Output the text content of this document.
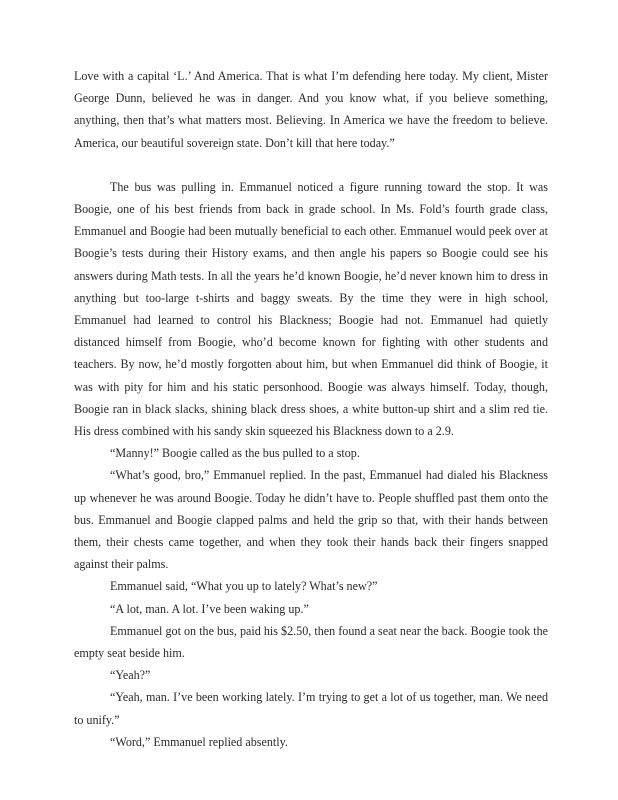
Love with a capital ‘L.’ And America. That is what I’m defending here today. My client, Mister George Dunn, believed he was in danger. And you know what, if you believe something, anything, then that’s what matters most. Believing. In America we have the freedom to believe. America, our beautiful sovereign state. Don’t kill that here today.”

The bus was pulling in. Emmanuel noticed a figure running toward the stop. It was Boogie, one of his best friends from back in grade school. In Ms. Fold’s fourth grade class, Emmanuel and Boogie had been mutually beneficial to each other. Emmanuel would peek over at Boogie’s tests during their History exams, and then angle his papers so Boogie could see his answers during Math tests. In all the years he’d known Boogie, he’d never known him to dress in anything but too-large t-shirts and baggy sweats. By the time they were in high school, Emmanuel had learned to control his Blackness; Boogie had not. Emmanuel had quietly distanced himself from Boogie, who’d become known for fighting with other students and teachers. By now, he’d mostly forgotten about him, but when Emmanuel did think of Boogie, it was with pity for him and his static personhood. Boogie was always himself. Today, though, Boogie ran in black slacks, shining black dress shoes, a white button-up shirt and a slim red tie. His dress combined with his sandy skin squeezed his Blackness down to a 2.9.

“Manny!” Boogie called as the bus pulled to a stop.

“What’s good, bro,” Emmanuel replied. In the past, Emmanuel had dialed his Blackness up whenever he was around Boogie. Today he didn’t have to. People shuffled past them onto the bus. Emmanuel and Boogie clapped palms and held the grip so that, with their hands between them, their chests came together, and when they took their hands back their fingers snapped against their palms.

Emmanuel said, “What you up to lately? What’s new?”

“A lot, man. A lot. I’ve been waking up.”

Emmanuel got on the bus, paid his $2.50, then found a seat near the back. Boogie took the empty seat beside him.

“Yeah?”

“Yeah, man. I’ve been working lately. I’m trying to get a lot of us together, man. We need to unify.”

“Word,” Emmanuel replied absently.
